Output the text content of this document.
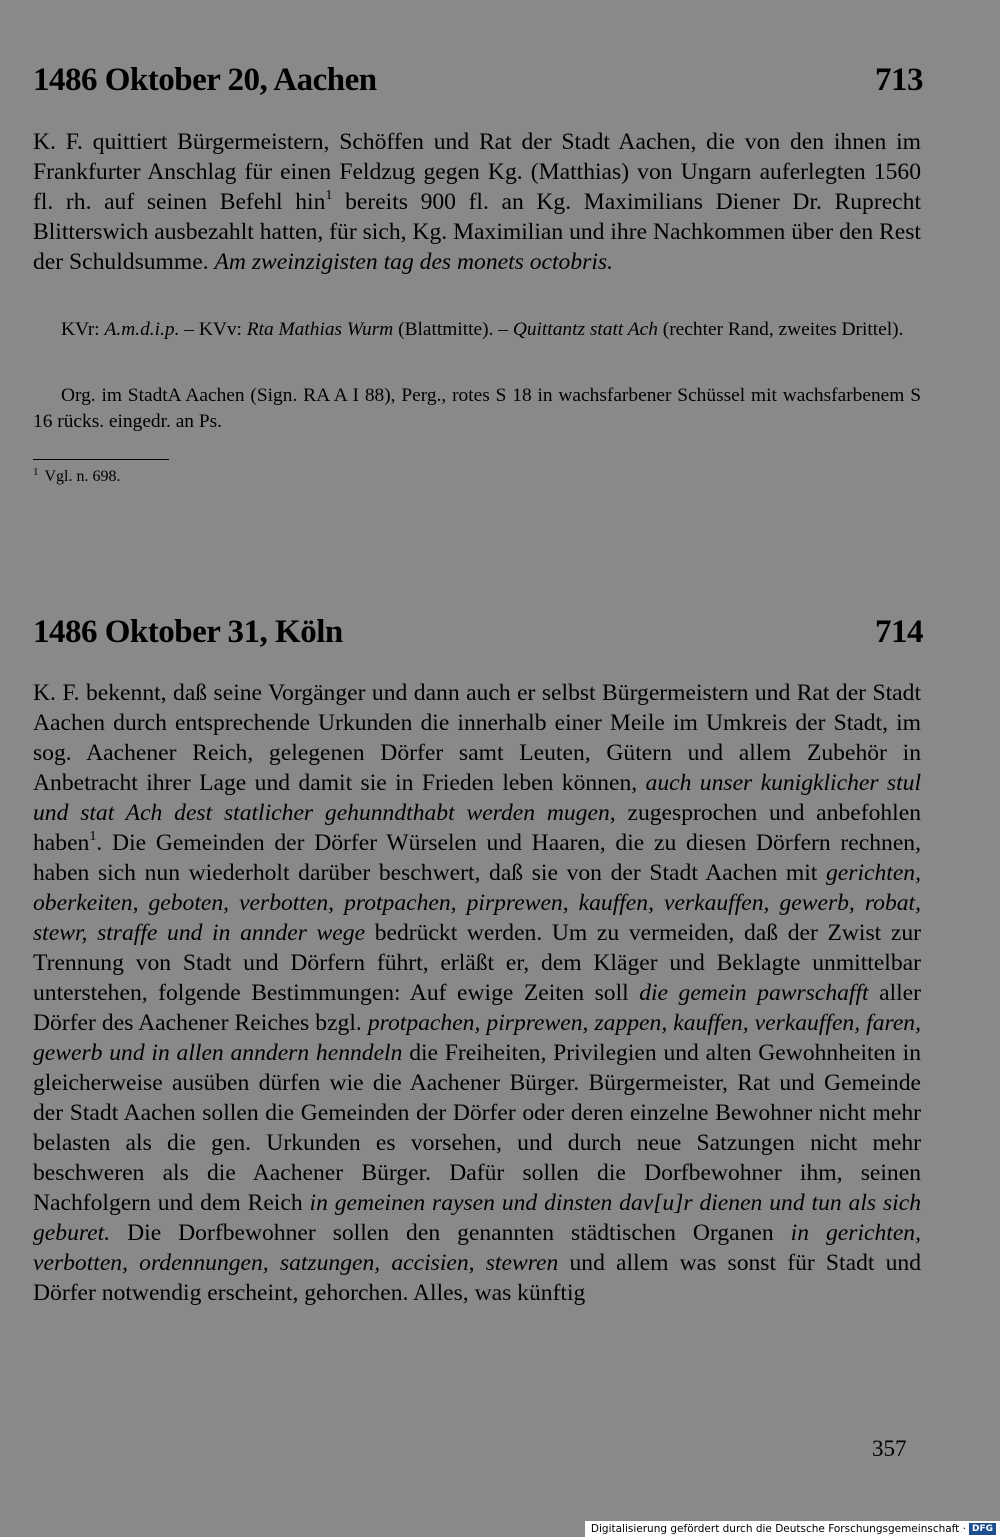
1486 Oktober 20, Aachen	713

K. F. quittiert Bürgermeistern, Schöffen und Rat der Stadt Aachen, die von den ihnen im Frankfurter Anschlag für einen Feldzug gegen Kg. (Matthias) von Ungarn auferlegten 1560 fl. rh. auf seinen Befehl hin$^1$ bereits 900 fl. an Kg. Maximilians Diener Dr. Ruprecht Blitterswich ausbezahlt hatten, für sich, Kg. Maximilian und ihre Nachkommen über den Rest der Schuldsumme. Am zweinzigisten tag des monets octobris.

KVr: A.m.d.i.p. – KVv: Rta Mathias Wurm (Blattmitte). – Quittantz statt Ach (rechter Rand, zweites Drittel).

Org. im StadtA Aachen (Sign. RA A I 88), Perg., rotes S 18 in wachsfarbener Schüssel mit wachsfarbenem S 16 rücks. eingedr. an Ps.

$^1$ Vgl. n. 698.
1486 Oktober 31, Köln	714

K. F. bekennt, daß seine Vorgänger und dann auch er selbst Bürgermeistern und Rat der Stadt Aachen durch entsprechende Urkunden die innerhalb einer Meile im Umkreis der Stadt, im sog. Aachener Reich, gelegenen Dörfer samt Leuten, Gütern und allem Zubehör in Anbetracht ihrer Lage und damit sie in Frieden leben können, auch unser kunigklicher stul und stat Ach dest statlicher gehunndthabt werden mugen, zugesprochen und anbefohlen haben$^1$. Die Gemeinden der Dörfer Würselen und Haaren, die zu diesen Dörfern rechnen, haben sich nun wiederholt darüber beschwert, daß sie von der Stadt Aachen mit gerichten, oberkeiten, geboten, verbotten, protpachen, pirprewen, kauffen, verkauffen, gewerb, robat, stewr, straffe und in annder wege bedrückt werden. Um zu vermeiden, daß der Zwist zur Trennung von Stadt und Dörfern führt, erläßt er, dem Kläger und Beklagte unmittelbar unterstehen, folgende Bestimmungen: Auf ewige Zeiten soll die gemein pawrschafft aller Dörfer des Aachener Reiches bzgl. protpachen, pirprewen, zappen, kauffen, verkauffen, faren, gewerb und in allen anndern henndeln die Freiheiten, Privilegien und alten Gewohnheiten in gleicherweise ausüben dürfen wie die Aachener Bürger. Bürgermeister, Rat und Gemeinde der Stadt Aachen sollen die Gemeinden der Dörfer oder deren einzelne Bewohner nicht mehr belasten als die gen. Urkunden es vorsehen, und durch neue Satzungen nicht mehr beschweren als die Aachener Bürger. Dafür sollen die Dorfbewohner ihm, seinen Nachfolgern und dem Reich in gemeinen raysen und dinsten dav[u]r dienen und tun als sich geburet. Die Dorfbewohner sollen den genannten städtischen Organen in gerichten, verbotten, ordennungen, satzungen, accisien, stewren und allem was sonst für Stadt und Dörfer notwendig erscheint, gehorchen. Alles, was künftig

357
Digitalisierung gefördert durch die Deutsche Forschungsgemeinschaft · DFG
